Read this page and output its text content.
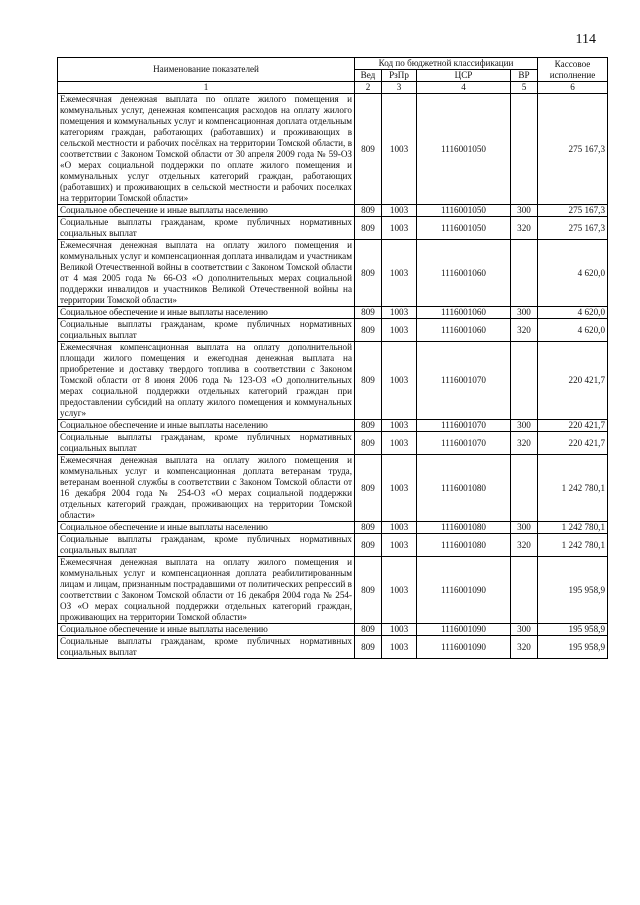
114
Наименование показателей	Код по бюджетной классификации				Кассовое исполнение
	Вед	РзПр	ЦСР	ВР	
1	2	3	4	5	6
Ежемесячная денежная выплата по оплате жилого помещения и коммунальных услуг, денежная компенсация расходов на оплату жилого помещения и коммунальных услуг и компенсационная доплата отдельным категориям граждан, работающих (работавших) и проживающих в сельской местности и рабочих посёлках на территории Томской области, в соответствии с Законом Томской области от 30 апреля 2009 года № 59-ОЗ «О мерах социальной поддержки по оплате жилого помещения и коммунальных услуг отдельных категорий граждан, работающих (работавших) и проживающих в сельской местности и рабочих поселках на территории Томской области»	809	1003	1116001050		275 167,3
Социальное обеспечение и иные выплаты населению	809	1003	1116001050	300	275 167,3
Социальные выплаты гражданам, кроме публичных нормативных социальных выплат	809	1003	1116001050	320	275 167,3
Ежемесячная денежная выплата на оплату жилого помещения и коммунальных услуг и компенсационная доплата инвалидам и участникам Великой Отечественной войны в соответствии с Законом Томской области от 4 мая 2005 года № 66-ОЗ «О дополнительных мерах социальной поддержки инвалидов и участников Великой Отечественной войны на территории Томской области»	809	1003	1116001060		4 620,0
Социальное обеспечение и иные выплаты населению	809	1003	1116001060	300	4 620,0
Социальные выплаты гражданам, кроме публичных нормативных социальных выплат	809	1003	1116001060	320	4 620,0
Ежемесячная компенсационная выплата на оплату дополнительной площади жилого помещения и ежегодная денежная выплата на приобретение и доставку твердого топлива в соответствии с Законом Томской области от 8 июня 2006 года № 123-ОЗ «О дополнительных мерах социальной поддержки отдельных категорий граждан при предоставлении субсидий на оплату жилого помещения и коммунальных услуг»	809	1003	1116001070		220 421,7
Социальное обеспечение и иные выплаты населению	809	1003	1116001070	300	220 421,7
Социальные выплаты гражданам, кроме публичных нормативных социальных выплат	809	1003	1116001070	320	220 421,7
Ежемесячная денежная выплата на оплату жилого помещения и коммунальных услуг и компенсационная доплата ветеранам труда, ветеранам военной службы в соответствии с Законом Томской области от 16 декабря 2004 года № 254-ОЗ «О мерах социальной поддержки отдельных категорий граждан, проживающих на территории Томской области»	809	1003	1116001080		1 242 780,1
Социальное обеспечение и иные выплаты населению	809	1003	1116001080	300	1 242 780,1
Социальные выплаты гражданам, кроме публичных нормативных социальных выплат	809	1003	1116001080	320	1 242 780,1
Ежемесячная денежная выплата на оплату жилого помещения и коммунальных услуг и компенсационная доплата реабилитированным лицам и лицам, признанным пострадавшими от политических репрессий в соответствии с Законом Томской области от 16 декабря 2004 года № 254-ОЗ «О мерах социальной поддержки отдельных категорий граждан, проживающих на территории Томской области»	809	1003	1116001090		195 958,9
Социальное обеспечение и иные выплаты населению	809	1003	1116001090	300	195 958,9
Социальные выплаты гражданам, кроме публичных нормативных социальных выплат	809	1003	1116001090	320	195 958,9
